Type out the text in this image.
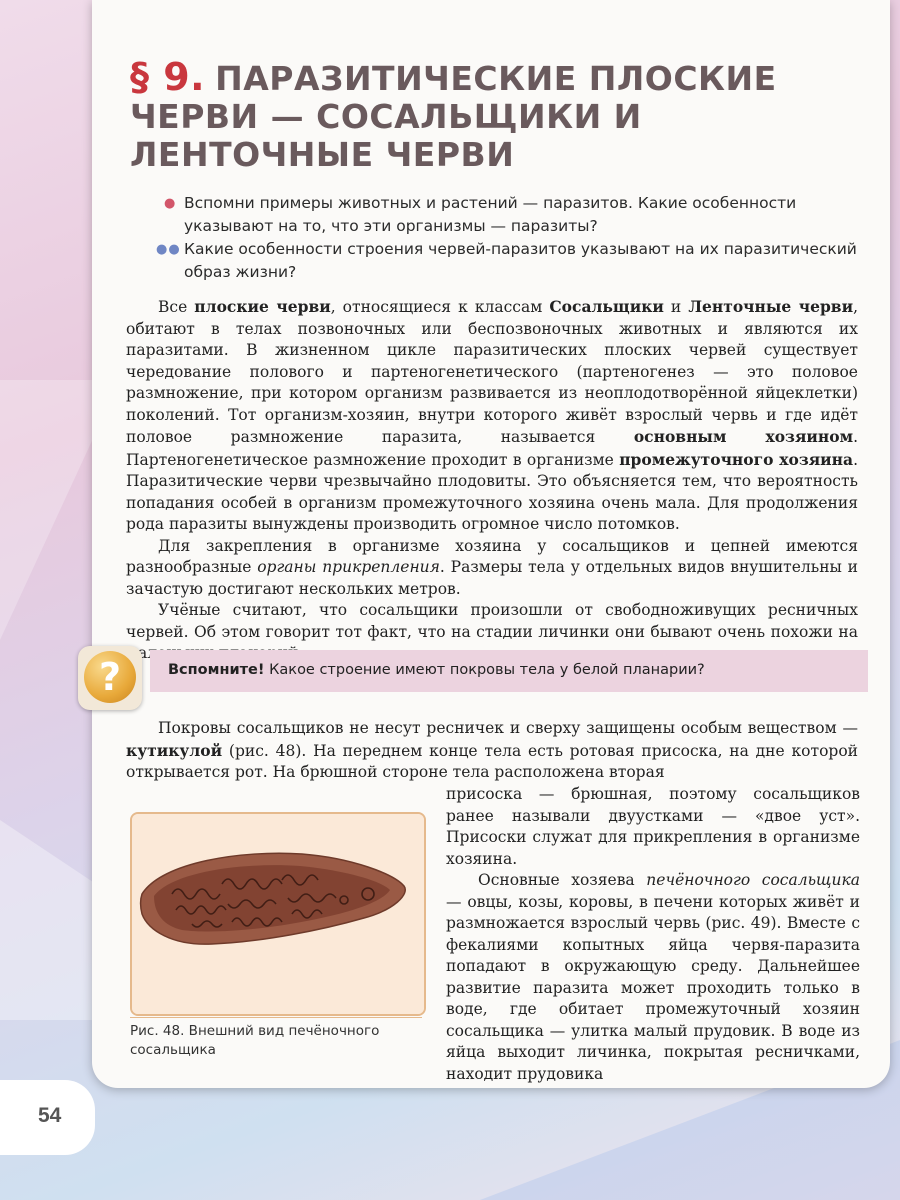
54
§ 9. ПАРАЗИТИЧЕСКИЕ ПЛОСКИЕ ЧЕРВИ — СОСАЛЬЩИКИ И ЛЕНТОЧНЫЕ ЧЕРВИ
● Вспомни примеры животных и растений — паразитов. Какие особенности указывают на то, что эти организмы — паразиты?
●● Какие особенности строения червей-паразитов указывают на их паразитический образ жизни?

Все плоские черви, относящиеся к классам Сосальщики и Ленточные черви, обитают в телах позвоночных или беспозвоночных животных и являются их паразитами. В жизненном цикле паразитических плоских червей существует чередование полового и партеногенетического (партеногенез — это половое размножение, при котором организм развивается из неоплодотворённой яйцеклетки) поколений. Тот организм-хозяин, внутри которого живёт взрослый червь и где идёт половое размножение паразита, называется основным хозяином. Партеногенетическое размножение проходит в организме промежуточного хозяина. Паразитические черви чрезвычайно плодовиты. Это объясняется тем, что вероятность попадания особей в организм промежуточного хозяина очень мала. Для продолжения рода паразиты вынуждены производить огромное число потомков.

Для закрепления в организме хозяина у сосальщиков и цепней имеются разнообразные органы прикрепления. Размеры тела у отдельных видов внушительны и зачастую достигают нескольких метров.

Учёные считают, что сосальщики произошли от свободноживущих ресничных червей. Об этом говорит тот факт, что на стадии личинки они бывают очень похожи на

?	Вспомните! Какое строение имеют покровы тела у белой планарии?

Покровы сосальщиков не несут ресничек и сверху защищены особым веществом — кутикулой (рис. 48). На переднем конце тела есть ротовая присоска, на дне которой открывается рот. На брюшной стороне тела расположена вторая

Рис. 48. Внешний вид печёночного сосальщика

присоска — брюшная, поэтому сосальщиков ранее называли двуустками — «двое уст». Присоски служат для прикрепления в организме хозяина.

Основные хозяева печёночного сосальщика — овцы, козы, коровы, в печени которых живёт и размножается взрослый червь (рис. 49). Вместе с фекалиями копытных яйца червя-паразита попадают в окружающую среду. Дальнейшее развитие паразита может проходить только в воде, где обитает промежуточный хозяин сосальщика — улитка малый прудовик. В воде из яйца выходит личинка, покрытая ресничками, находит прудовика
